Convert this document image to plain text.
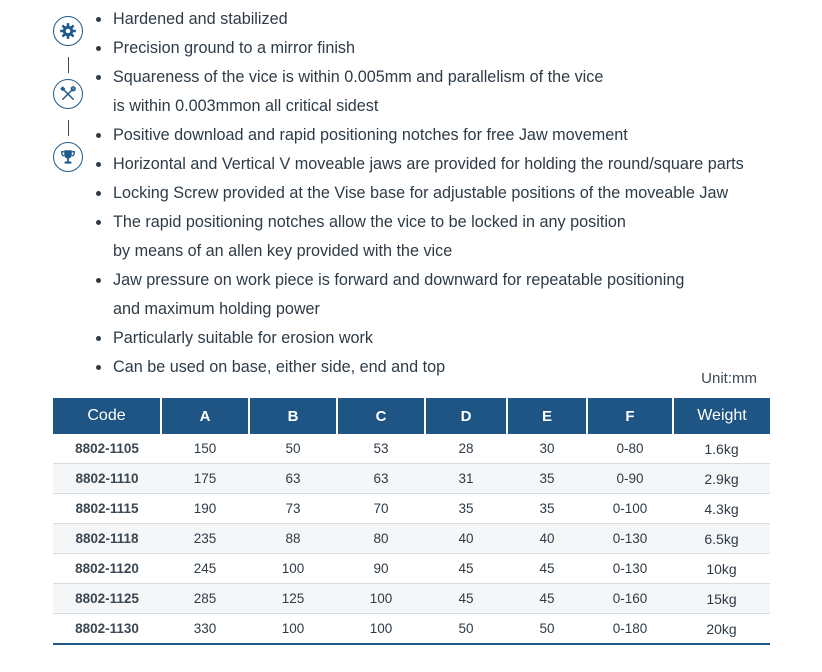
Hardened and stabilized
Precision ground to a mirror finish
Squareness of the vice is within 0.005mm and parallelism of the vice
is within 0.003mmon all critical sidest
Positive download and rapid positioning notches for free Jaw movement
Horizontal and Vertical V moveable jaws are provided for holding the round/square parts
Locking Screw provided at the Vise base for adjustable positions of the moveable Jaw
The rapid positioning notches allow the vice to be locked in any position
by means of an allen key provided with the vice
Jaw pressure on work piece is forward and downward for repeatable positioning
and maximum holding power
Particularly suitable for erosion work
Can be used on base, either side, end and top
Unit:mm
Code	A	B	C	D	E	F	Weight
8802-1105	150	50	53	28	30	0-80	1.6kg
8802-1110	175	63	63	31	35	0-90	2.9kg
8802-1115	190	73	70	35	35	0-100	4.3kg
8802-1118	235	88	80	40	40	0-130	6.5kg
8802-1120	245	100	90	45	45	0-130	10kg
8802-1125	285	125	100	45	45	0-160	15kg
8802-1130	330	100	100	50	50	0-180	20kg
